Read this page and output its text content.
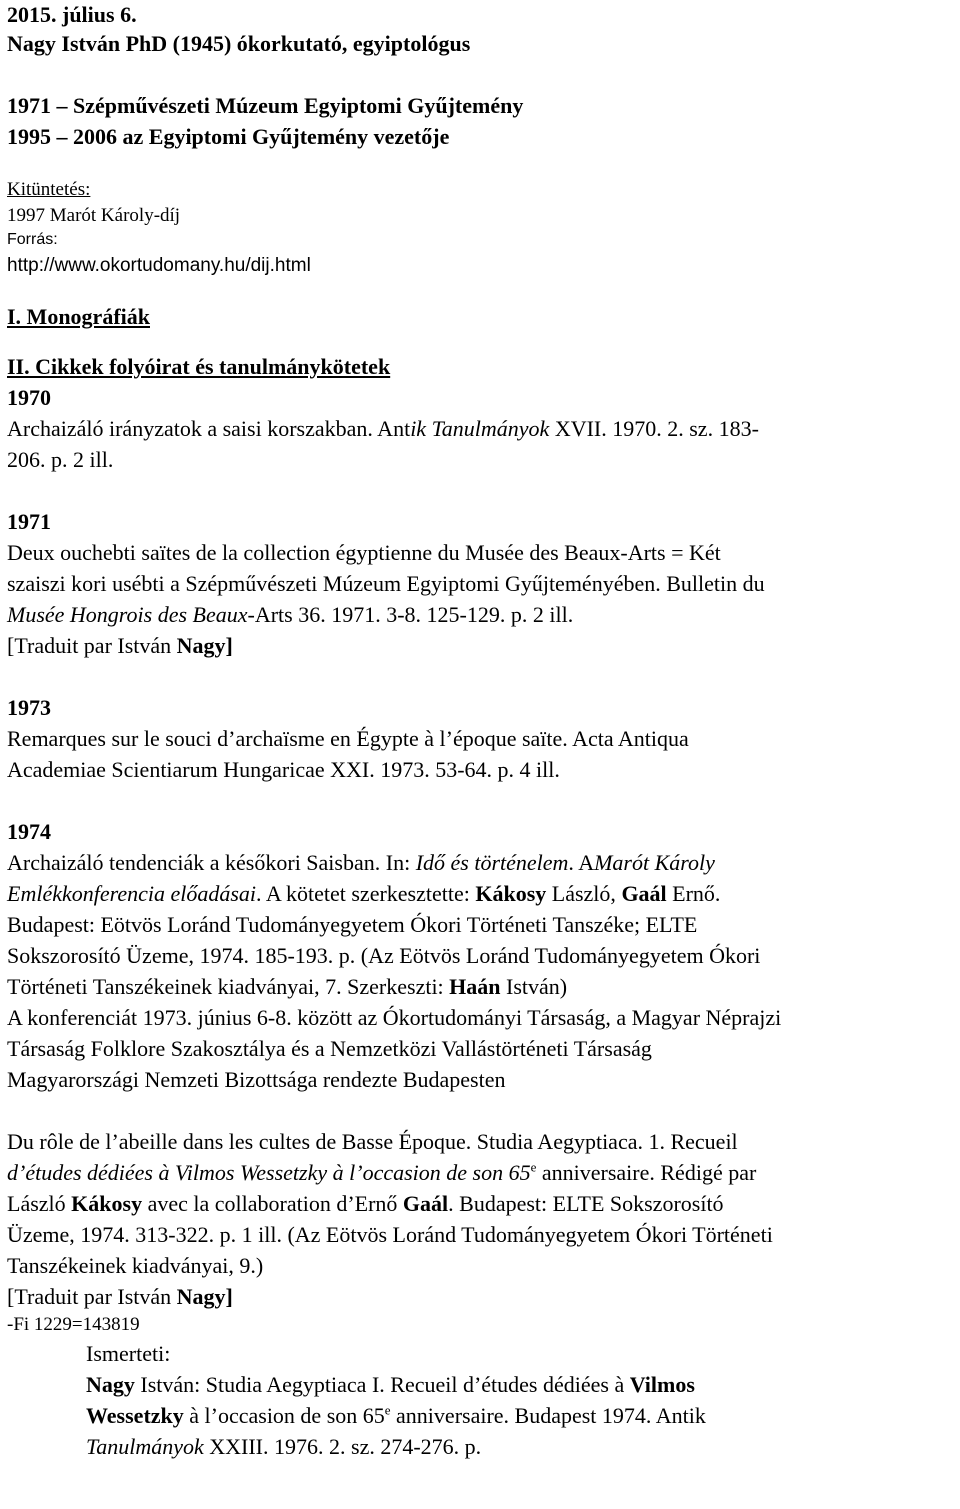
2015. július 6.
Nagy István PhD (1945) ókorkutató, egyiptológus
1971 – Szépművészeti Múzeum Egyiptomi Gyűjtemény
1995 – 2006 az Egyiptomi Gyűjtemény vezetője
Kitüntetés:
1997 Marót Károly-díj
Forrás:
http://www.okortudomany.hu/dij.html
I. Monográfiák
II. Cikkek folyóirat és tanulmánykötetek
1970
Archaizáló irányzatok a saisi korszakban. Antik Tanulmányok XVII. 1970. 2. sz. 183-
206. p. 2 ill.
1971
Deux ouchebti saïtes de la collection égyptienne du Musée des Beaux-Arts = Két
szaiszi kori usébti a Szépművészeti Múzeum Egyiptomi Gyűjteményében. Bulletin du
Musée Hongrois des Beaux-Arts 36. 1971. 3-8. 125-129. p. 2 ill.
[Traduit par István Nagy]
1973
Remarques sur le souci d’archaïsme en Égypte à l’époque saïte. Acta Antiqua
Academiae Scientiarum Hungaricae XXI. 1973. 53-64. p. 4 ill.
1974
Archaizáló tendenciák a későkori Saisban. In: Idő és történelem. AMarót Károly
Emlékkonferencia előadásai. A kötetet szerkesztette: Kákosy László, Gaál Ernő.
Budapest: Eötvös Loránd Tudományegyetem Ókori Történeti Tanszéke; ELTE
Sokszorosító Üzeme, 1974. 185-193. p. (Az Eötvös Loránd Tudományegyetem Ókori
Történeti Tanszékeinek kiadványai, 7. Szerkeszti: Haán István)
A konferenciát 1973. június 6-8. között az Ókortudományi Társaság, a Magyar Néprajzi
Társaság Folklore Szakosztálya és a Nemzetközi Vallástörténeti Társaság
Magyarországi Nemzeti Bizottsága rendezte Budapesten
Du rôle de l’abeille dans les cultes de Basse Époque. Studia Aegyptiaca. 1. Recueil
d’études dédiées à Vilmos Wessetzky à l’occasion de son 65e anniversaire. Rédigé par
László Kákosy avec la collaboration d’Ernő Gaál. Budapest: ELTE Sokszorosító
Üzeme, 1974. 313-322. p. 1 ill. (Az Eötvös Loránd Tudományegyetem Ókori Történeti
Tanszékeinek kiadványai, 9.)
[Traduit par István Nagy]
-Fi 1229=143819
Ismerteti:
Nagy István: Studia Aegyptiaca I. Recueil d’études dédiées à Vilmos
Wessetzky à l’occasion de son 65e anniversaire. Budapest 1974. Antik
Tanulmányok XXIII. 1976. 2. sz. 274-276. p.
